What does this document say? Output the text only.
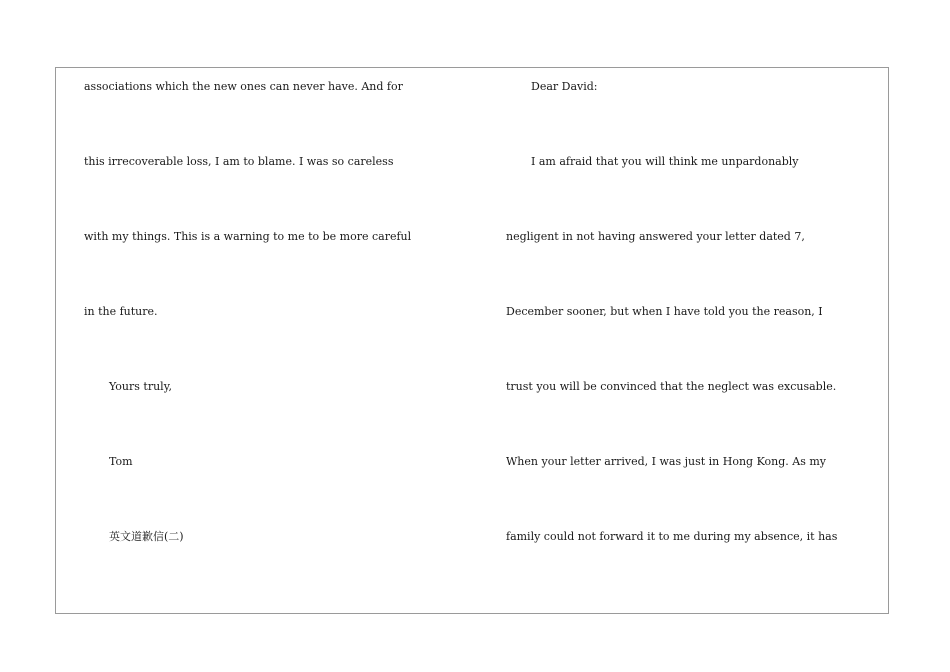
associations which the new ones can never have. And for
this irrecoverable loss, I am to blame. I was so careless
with my things. This is a warning to me to be more careful
in the future.
Yours truly,
Tom
英文道歉信(二)
Dear David:
I am afraid that you will think me unpardonably
negligent in not having answered your letter dated 7,
December sooner, but when I have told you the reason, I
trust you will be convinced that the neglect was excusable.
When your letter arrived, I was just in Hong Kong. As my
family could not forward it to me during my absence, it has
